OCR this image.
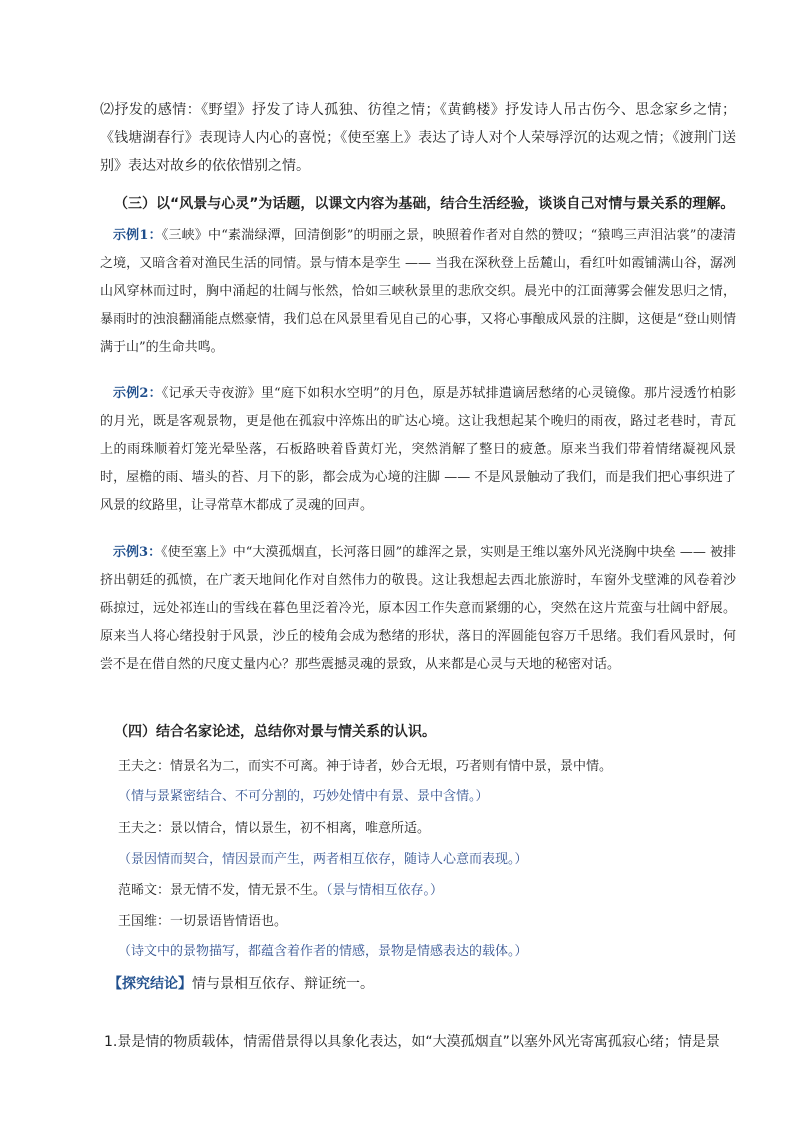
⑵抒发的感情：《野望》抒发了诗人孤独、彷徨之情；《黄鹤楼》抒发诗人吊古伤今、思念家乡之情；《钱塘湖春行》表现诗人内心的喜悦；《使至塞上》表达了诗人对个人荣辱浮沉的达观之情；《渡荆门送别》表达对故乡的依依惜别之情。

（三）以“风景与心灵”为话题，以课文内容为基础，结合生活经验，谈谈自己对情与景关系的理解。

示例1：《三峡》中“素湍绿潭，回清倒影”的明丽之景，映照着作者对自然的赞叹；“猿鸣三声泪沾裳”的凄清之境，又暗含着对渔民生活的同情。景与情本是孪生 —— 当我在深秋登上岳麓山，看红叶如霞铺满山谷，潺冽山风穿林而过时，胸中涌起的壮阔与怅然，恰如三峡秋景里的悲欣交织。晨光中的江面薄雾会催发思归之情，暴雨时的浊浪翻涌能点燃豪情，我们总在风景里看见自己的心事，又将心事酿成风景的注脚，这便是“登山则情满于山”的生命共鸣。

示例2：《记承天寺夜游》里“庭下如积水空明”的月色，原是苏轼排遣谪居愁绪的心灵镜像。那片浸透竹柏影的月光，既是客观景物，更是他在孤寂中淬炼出的旷达心境。这让我想起某个晚归的雨夜，路过老巷时，青瓦上的雨珠顺着灯笼光晕坠落，石板路映着昏黄灯光，突然消解了整日的疲惫。原来当我们带着情绪凝视风景时，屋檐的雨、墙头的苔、月下的影，都会成为心境的注脚 —— 不是风景触动了我们，而是我们把心事织进了风景的纹路里，让寻常草木都成了灵魂的回声。

示例3：《使至塞上》中“大漠孤烟直，长河落日圆”的雄浑之景，实则是王维以塞外风光浇胸中块垒 —— 被排挤出朝廷的孤愤，在广袤天地间化作对自然伟力的敬畏。这让我想起去西北旅游时，车窗外戈壁滩的风卷着沙砾掠过，远处祁连山的雪线在暮色里泛着冷光，原本因工作失意而紧绷的心，突然在这片荒蛮与壮阔中舒展。原来当人将心绪投射于风景，沙丘的棱角会成为愁绪的形状，落日的浑圆能包容万千思绪。我们看风景时，何尝不是在借自然的尺度丈量内心？那些震撼灵魂的景致，从来都是心灵与天地的秘密对话。

（四）结合名家论述，总结你对景与情关系的认识。

王夫之：情景名为二，而实不可离。神于诗者，妙合无垠，巧者则有情中景，景中情。

（情与景紧密结合、不可分割的，巧妙处情中有景、景中含情。）

王夫之：景以情合，情以景生，初不相离，唯意所适。

（景因情而契合，情因景而产生，两者相互依存，随诗人心意而表现。）

范晞文：景无情不发，情无景不生。（景与情相互依存。）

王国维：一切景语皆情语也。

（诗文中的景物描写，都蕴含着作者的情感，景物是情感表达的载体。）

【探究结论】情与景相互依存、辩证统一。

1.景是情的物质载体，情需借景得以具象化表达，如“大漠孤烟直”以塞外风光寄寓孤寂心绪；情是景
